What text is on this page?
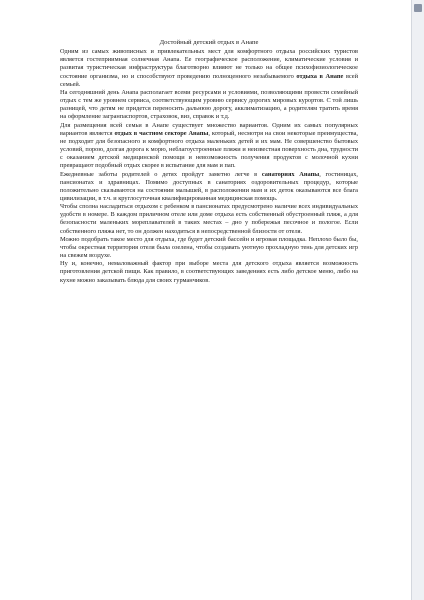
Достойный детский отдых в Анапе

Одним из самых живописных и привлекательных мест для комфортного отдыха российских туристов является гостеприимная солнечная Анапа. Ее географическое расположение, климатические условия и развитая туристическая инфраструктура благотворно влияют не только на общее психофизиологическое состояние организма, но и способствуют проведению полноценного незабываемого отдыха в Анапе всей семьей.

На сегодняшний день Анапа располагает всеми ресурсами и условиями, позволяющими провести семейный отдых с тем же уровнем сервиса, соответствующим уровню сервису дорогих мировых курортов. С той лишь разницей, что детям не придется переносить дальнюю дорогу, акклиматизацию, а родителям тратить время на оформление загранпаспортов, страховок, виз, справок и т.д.

Для размещения всей семьи в Анапе существует множество вариантов. Одним их самых популярных вариантов является отдых в частном секторе Анапы, который, несмотря на свои некоторые преимущества, не подходит для безопасного и комфортного отдыха маленьких детей и их мам. Не совершенство бытовых условий, порою, долгая дорога к морю, неблагоустроенные пляжи и неизвестная поверхность дна, трудности с оказанием детской медицинской помощи и невозможность получения продуктов с молочной кухни превращают подобный отдых скорее в испытание для мам и пап.

Ежедневные заботы родителей о детях пройдут заметно легче в санаториях Анапы, гостиницах, пансионатах и здравницах. Помимо доступных в санаториях оздоровительных процедур, которые положительно сказываются на состоянии малышей, в расположении мам и их деток оказываются все блага цивилизации, в т.ч. и круглосуточная квалифицированная медицинская помощь.

Чтобы сполна насладиться отдыхом с ребенком в пансионатах предусмотрено наличие всех индивидуальных удобств в номере. В каждом приличном отеле или доме отдыха есть собственный обустроенный пляж, а для безопасности маленьких мореплавателей в таких местах – дно у побережья песочное и пологое. Если собственного пляжа нет, то он должен находиться в непосредственной близости от отеля.

Можно подобрать такое место для отдыха, где будет детский бассейн и игровая площадка. Неплохо было бы, чтобы окрестная территория отеля была озелена, чтобы создавать уютную прохладную тень для детских игр на свежем воздухе.

Ну и, конечно, немаловажный фактор при выборе места для детского отдыха является возможность приготовления детской пищи. Как правило, в соответствующих заведениях есть либо детское меню, либо на кухне можно заказывать блюда для своих гурманчиков.
